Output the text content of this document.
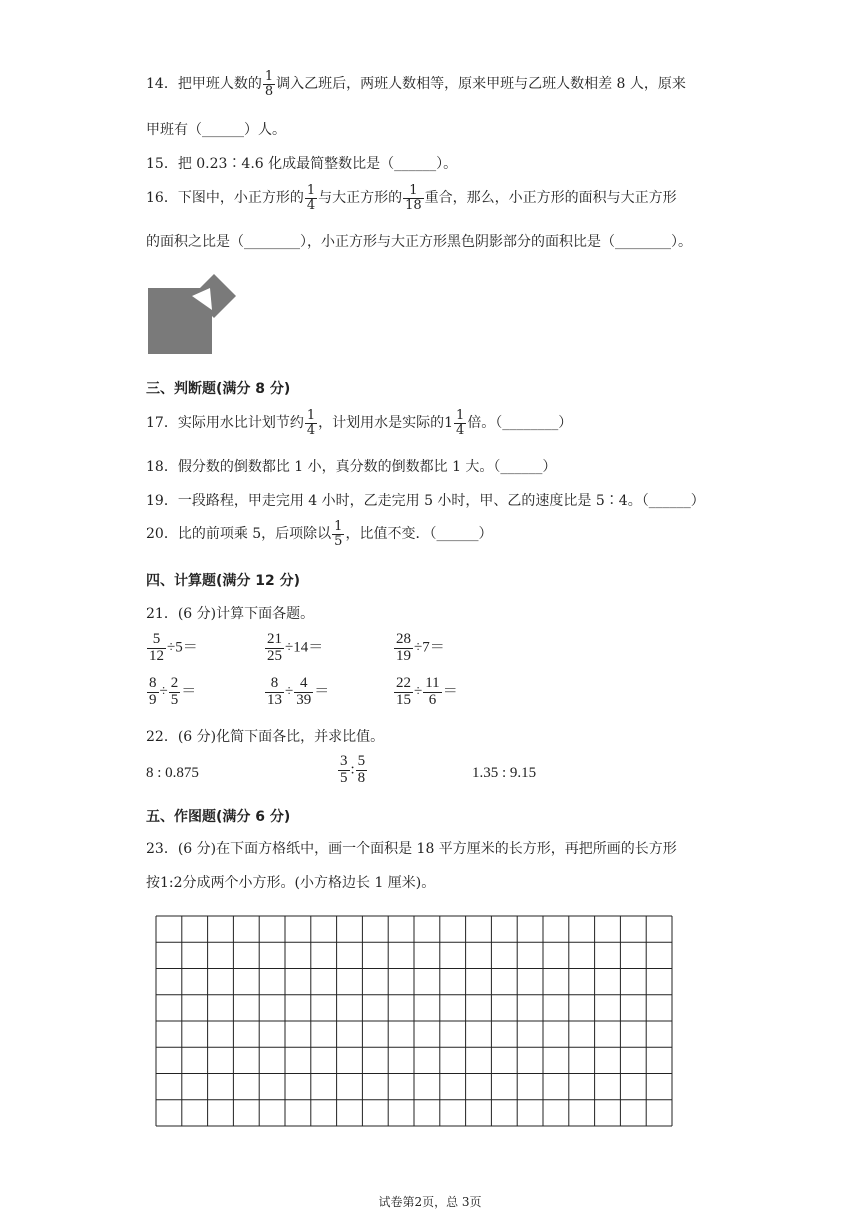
14．把甲班人数的 $\frac{1}{8}$ 调入乙班后，两班人数相等，原来甲班与乙班人数相差 8 人，原来
甲班有（______）人。
15．把 0.23∶4.6 化成最简整数比是（______）。
16．下图中，小正方形的 $\frac{1}{4}$ 与大正方形的 $\frac{1}{18}$ 重合，那么，小正方形的面积与大正方形
的面积之比是（________），小正方形与大正方形黑色阴影部分的面积比是（________）。
三、判断题(满分 8 分)
17．实际用水比计划节约 $\frac{1}{4}$ ，计划用水是实际的 $1 \frac{1}{4}$ 倍。（________）
18．假分数的倒数都比 1 小，真分数的倒数都比 1 大。（______）
19．一段路程，甲走完用 4 小时，乙走完用 5 小时，甲、乙的速度比是 5∶4。（______）
20．比的前项乘 5，后项除以 $\frac{1}{5}$ ，比值不变．（______）
四、计算题(满分 12 分)
21．(6 分)计算下面各题。
$\frac{5}{12} \div 5=$	$\frac{21}{25} \div 14=$	$\frac{28}{19} \div 7=$
$\frac{8}{9} \div \frac{2}{5}$ ＝	$\frac{8}{13} \div \frac{4}{39}$ ＝	$\frac{22}{15} \div \frac{11}{6}$ ＝
22．(6 分)化简下面各比，并求比值。
8 : 0.875	$\frac{3}{5}$ : $\frac{5}{8}$	1.35 : 9.15
五、作图题(满分 6 分)
23．(6 分)在下面方格纸中，画一个面积是 18 平方厘米的长方形，再把所画的长方形
按1:2分成两个小方形。(小方格边长 1 厘米)。
试卷第2页，总 3页
